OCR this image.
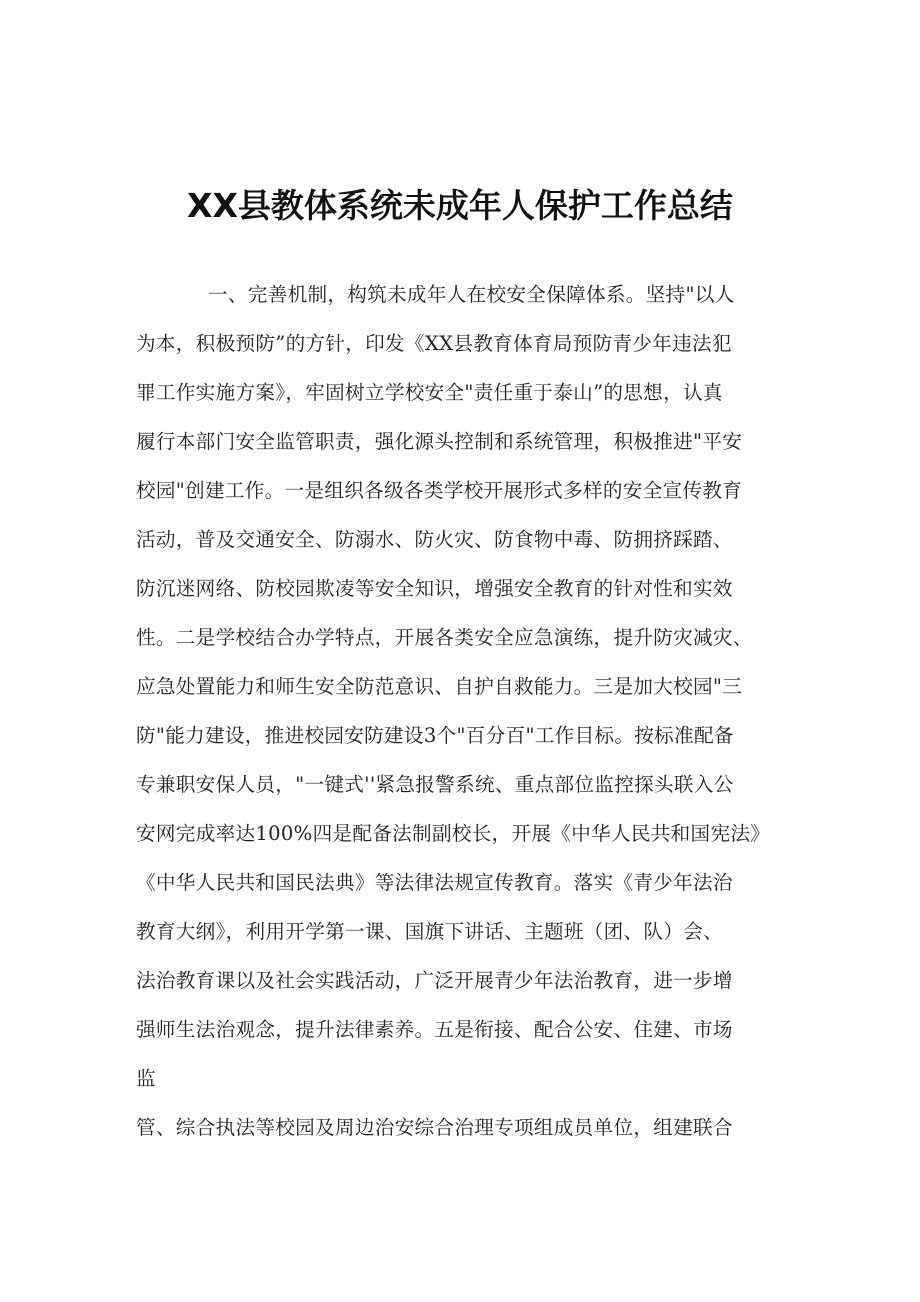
XX县教体系统未成年人保护工作总结
一、完善机制，构筑未成年人在校安全保障体系。坚持"以人
为本，积极预防”的方针，印发《XX县教育体育局预防青少年违法犯
罪工作实施方案》，牢固树立学校安全"责任重于泰山”的思想，认真
履行本部门安全监管职责，强化源头控制和系统管理，积极推进"平安
校园"创建工作。一是组织各级各类学校开展形式多样的安全宣传教育
活动，普及交通安全、防溺水、防火灾、防食物中毒、防拥挤踩踏、
防沉迷网络、防校园欺凌等安全知识，增强安全教育的针对性和实效
性。二是学校结合办学特点，开展各类安全应急演练，提升防灾减灾、
应急处置能力和师生安全防范意识、自护自救能力。三是加大校园"三
防"能力建设，推进校园安防建设3个"百分百"工作目标。按标准配备
专兼职安保人员，"一键式''紧急报警系统、重点部位监控探头联入公
安网完成率达100%四是配备法制副校长，开展《中华人民共和国宪法》
《中华人民共和国民法典》等法律法规宣传教育。落实《青少年法治
教育大纲》，利用开学第一课、国旗下讲话、主题班（团、队）会、
法治教育课以及社会实践活动，广泛开展青少年法治教育，进一步增
强师生法治观念，提升法律素养。五是衔接、配合公安、住建、市场
监
管、综合执法等校园及周边治安综合治理专项组成员单位，组建联合
